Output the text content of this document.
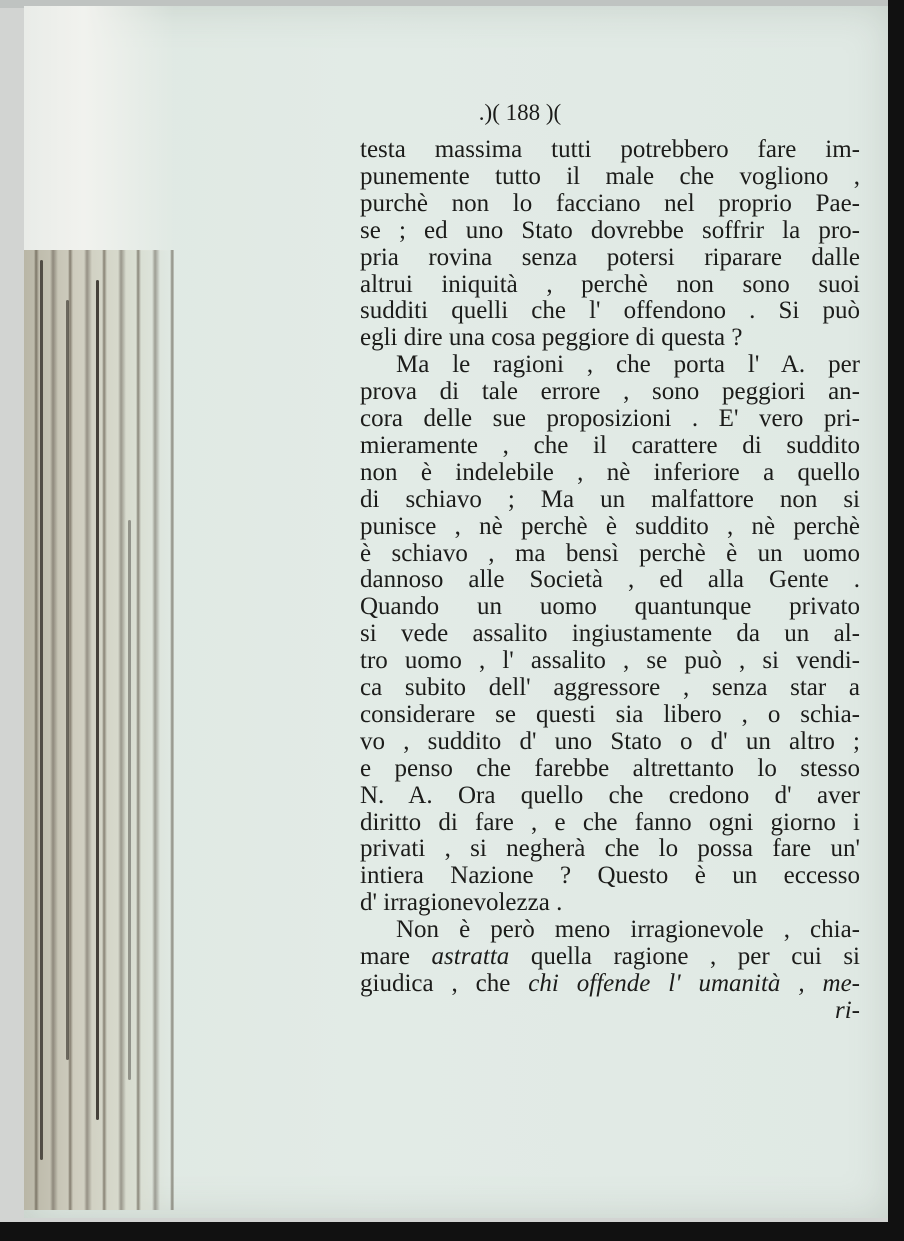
.)( 188 )(
testa massima tutti potrebbero fare im-
punemente tutto il male che vogliono ,
purchè non lo facciano nel proprio Pae-
se ; ed uno Stato dovrebbe soffrir la pro-
pria rovina senza potersi riparare dalle
altrui iniquità , perchè non sono suoi
sudditi quelli che l' offendono . Si può
egli dire una cosa peggiore di questa ?
Ma le ragioni , che porta l' A. per
prova di tale errore , sono peggiori an-
cora delle sue proposizioni . E' vero pri-
mieramente , che il carattere di suddito
non è indelebile , nè inferiore a quello
di schiavo ; Ma un malfattore non si
punisce , nè perchè è suddito , nè perchè
è schiavo , ma bensì perchè è un uomo
dannoso alle Società , ed alla Gente .
Quando un uomo quantunque privato
si vede assalito ingiustamente da un al-
tro uomo , l' assalito , se può , si vendi-
ca subito dell' aggressore , senza star a
considerare se questi sia libero , o schia-
vo , suddito d' uno Stato o d' un altro ;
e penso che farebbe altrettanto lo stesso
N. A. Ora quello che credono d' aver
diritto di fare , e che fanno ogni giorno i
privati , si negherà che lo possa fare un'
intiera Nazione ? Questo è un eccesso
d' irragionevolezza .
Non è però meno irragionevole , chia-
mare astratta quella ragione , per cui si
giudica , che chi offende l' umanità , me-
ri-
